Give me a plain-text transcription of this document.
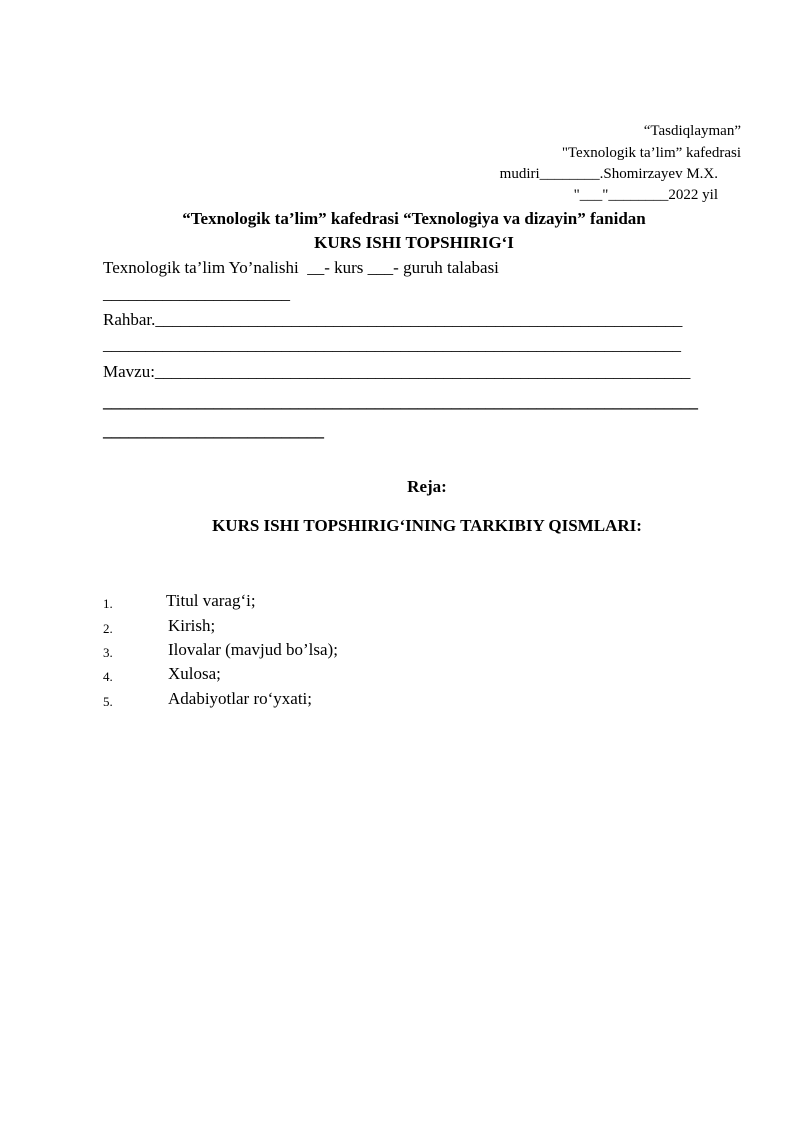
“Tasdiqlayman”
"Texnologik ta’lim” kafedrasi
mudiri________.Shomirzayev M.X.
"___"________2022 yil
“Texnologik ta’lim” kafedrasi “Texnologiya va dizayin” fanidan
KURS ISHI TOPSHIRIG‘I
Texnologik ta’lim Yo’nalishi  __- kurs ___- guruh talabasi
______________________
Rahbar.______________________________________________________________
____________________________________________________________________
Mavzu:_______________________________________________________________
______________________________________________________________________
__________________________
Reja:
KURS ISHI TOPSHIRIG‘INING TARKIBIY QISMLARI:
1.	Titul varag‘i;
2.	Kirish;
3.	Ilovalar (mavjud bo’lsa);
4.	Xulosa;
5.	Adabiyotlar ro‘yxati;
